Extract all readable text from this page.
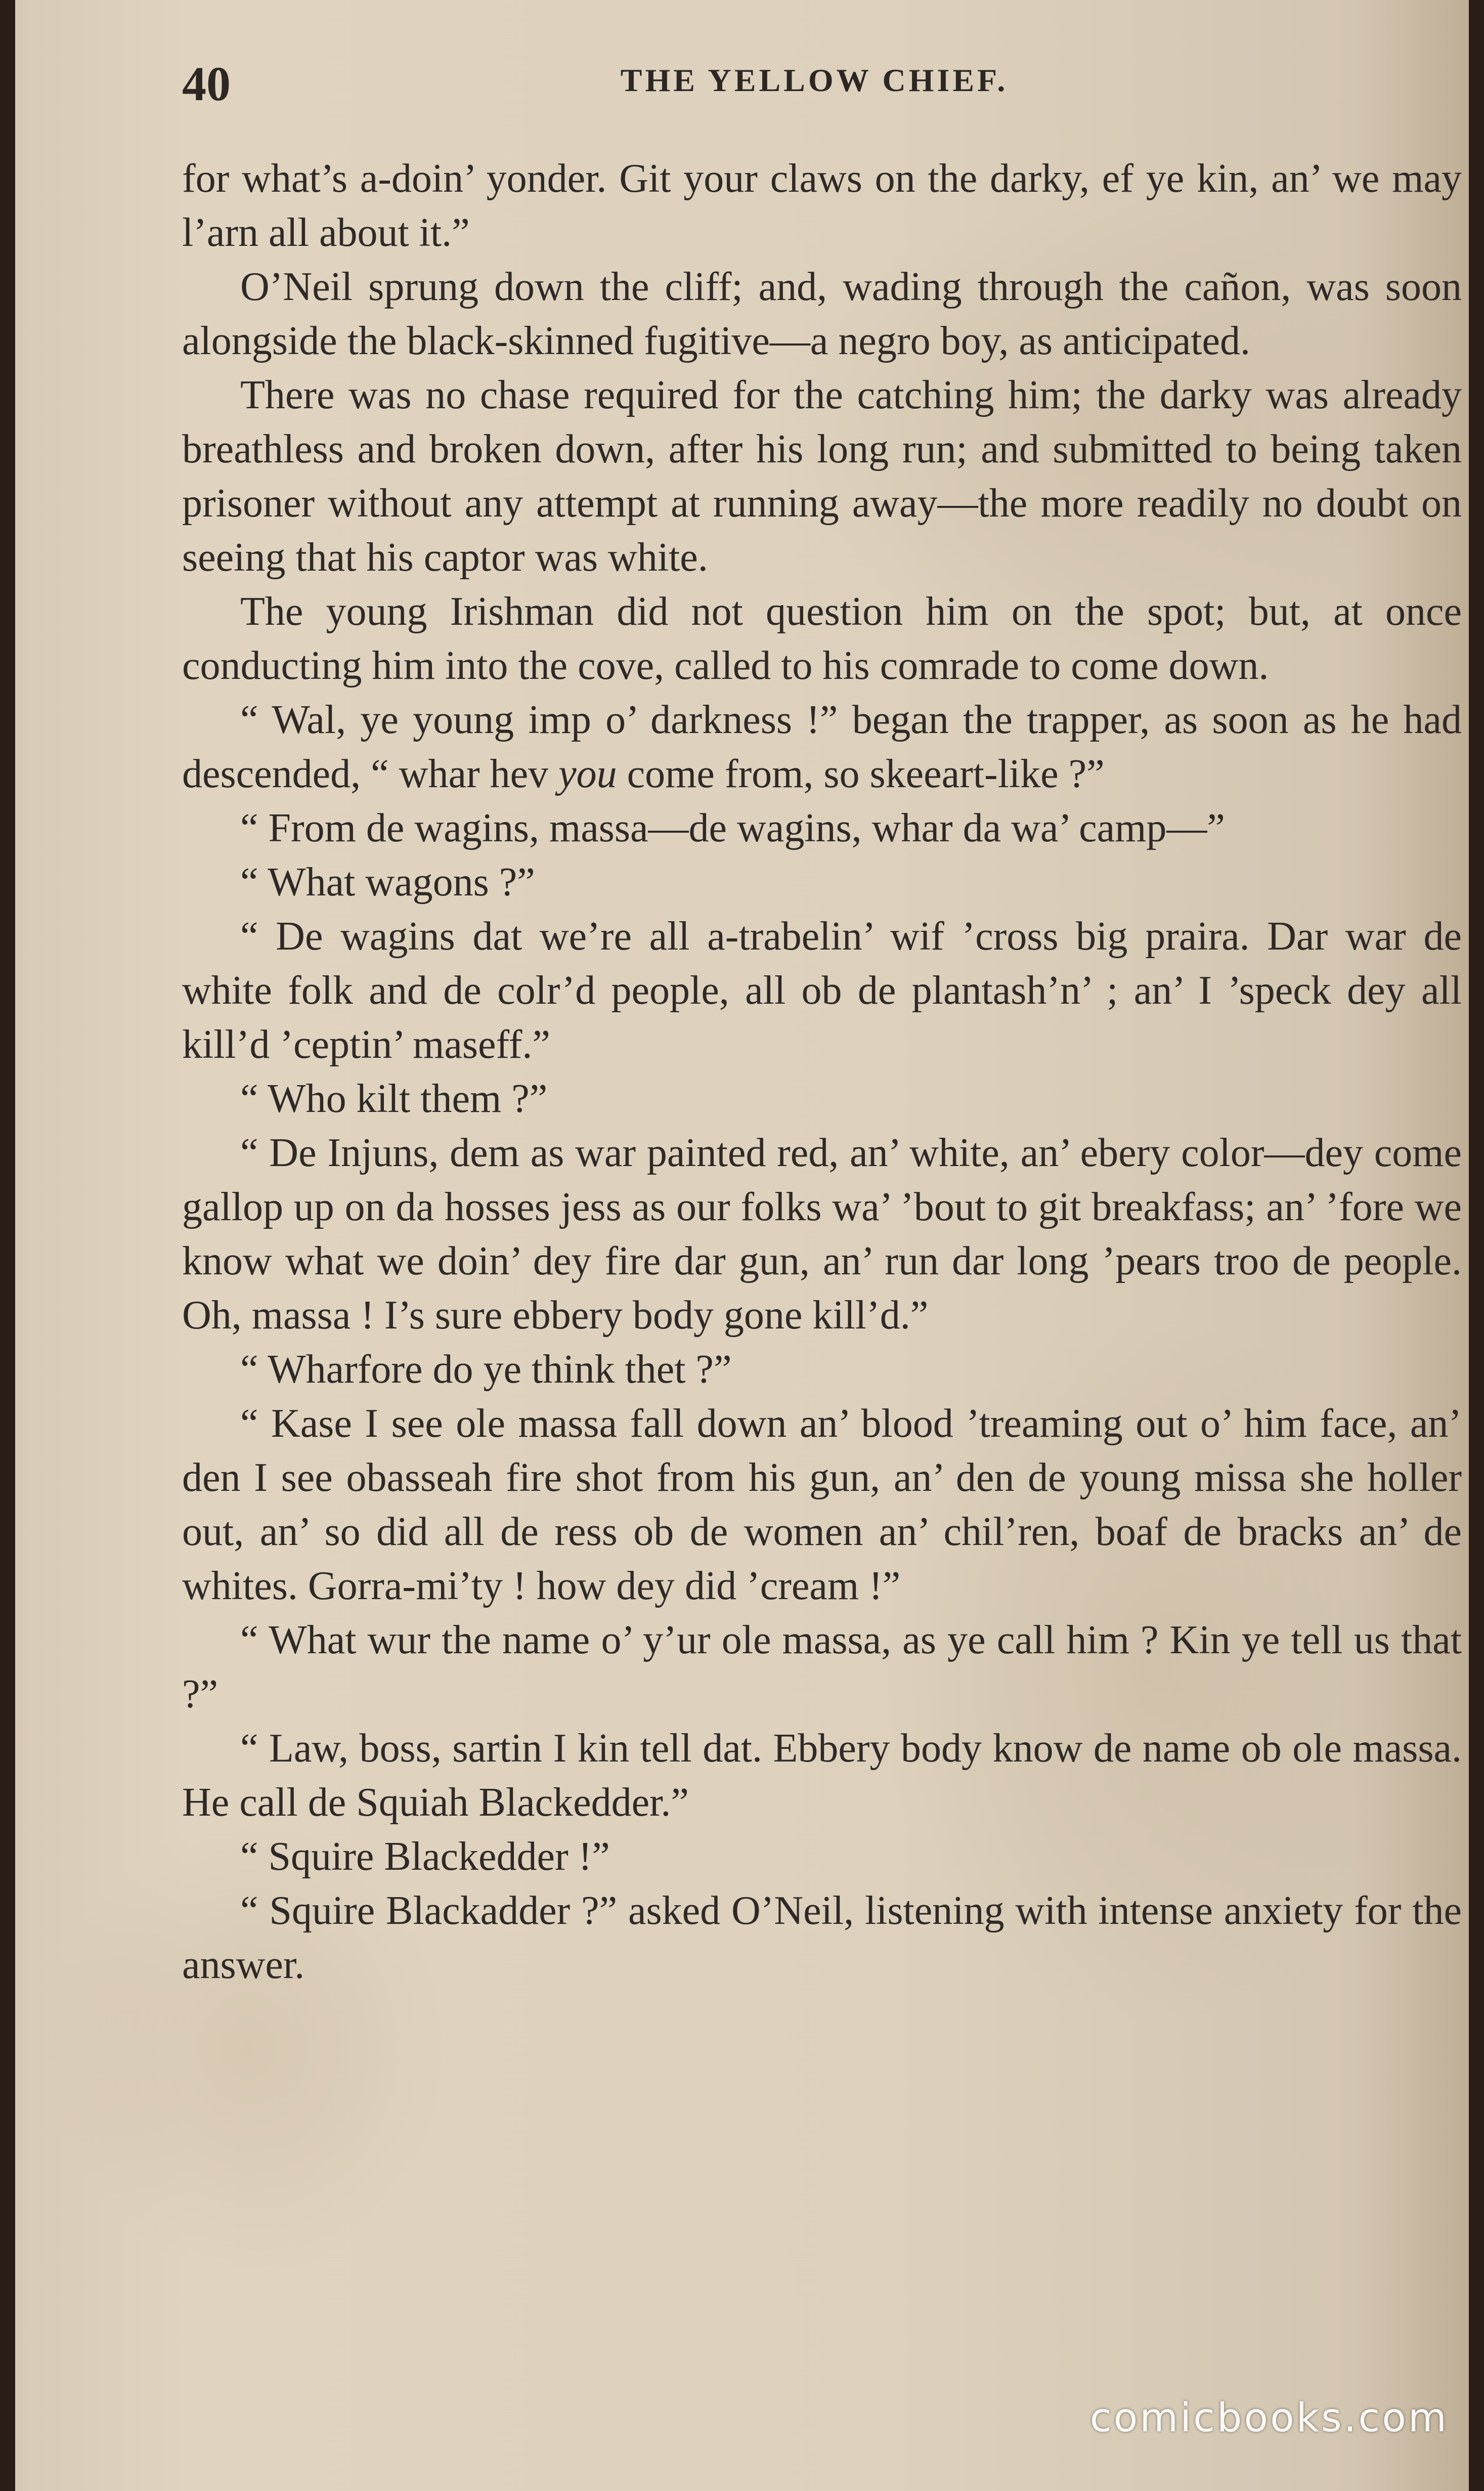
40	THE YELLOW CHIEF.

for what’s a-doin’ yonder. Git your claws on the darky, ef ye kin, an’ we may l’arn all about it.”

O’Neil sprung down the cliff; and, wading through the cañon, was soon alongside the black-skinned fugitive—a negro boy, as anticipated.

There was no chase required for the catching him; the darky was already breathless and broken down, after his long run; and submitted to being taken prisoner without any attempt at running away—the more readily no doubt on seeing that his captor was white.

The young Irishman did not question him on the spot; but, at once conducting him into the cove, called to his comrade to come down.

“ Wal, ye young imp o’ darkness !” began the trapper, as soon as he had descended, “ whar hev you come from, so skeeart-like ?”

“ From de wagins, massa—de wagins, whar da wa’ camp—”

“ What wagons ?”

“ De wagins dat we’re all a-trabelin’ wif ’cross big praira. Dar war de white folk and de colr’d people, all ob de plantash’n’ ; an’ I ’speck dey all kill’d ’ceptin’ maseff.”

“ Who kilt them ?”

“ De Injuns, dem as war painted red, an’ white, an’ ebery color—dey come gallop up on da hosses jess as our folks wa’ ’bout to git breakfass; an’ ’fore we know what we doin’ dey fire dar gun, an’ run dar long ’pears troo de people. Oh, massa ! I’s sure ebbery body gone kill’d.”

“ Wharfore do ye think thet ?”

“ Kase I see ole massa fall down an’ blood ’treaming out o’ him face, an’ den I see obasseah fire shot from his gun, an’ den de young missa she holler out, an’ so did all de ress ob de women an’ chil’ren, boaf de bracks an’ de whites. Gorra-mi’ty ! how dey did ’cream !”

“ What wur the name o’ y’ur ole massa, as ye call him ? Kin ye tell us that ?”

“ Law, boss, sartin I kin tell dat. Ebbery body know de name ob ole massa. He call de Squiah Blackedder.”

“ Squire Blackedder !”

“ Squire Blackadder ?” asked O’Neil, listening with intense anxiety for the answer.

comicbooks.com
